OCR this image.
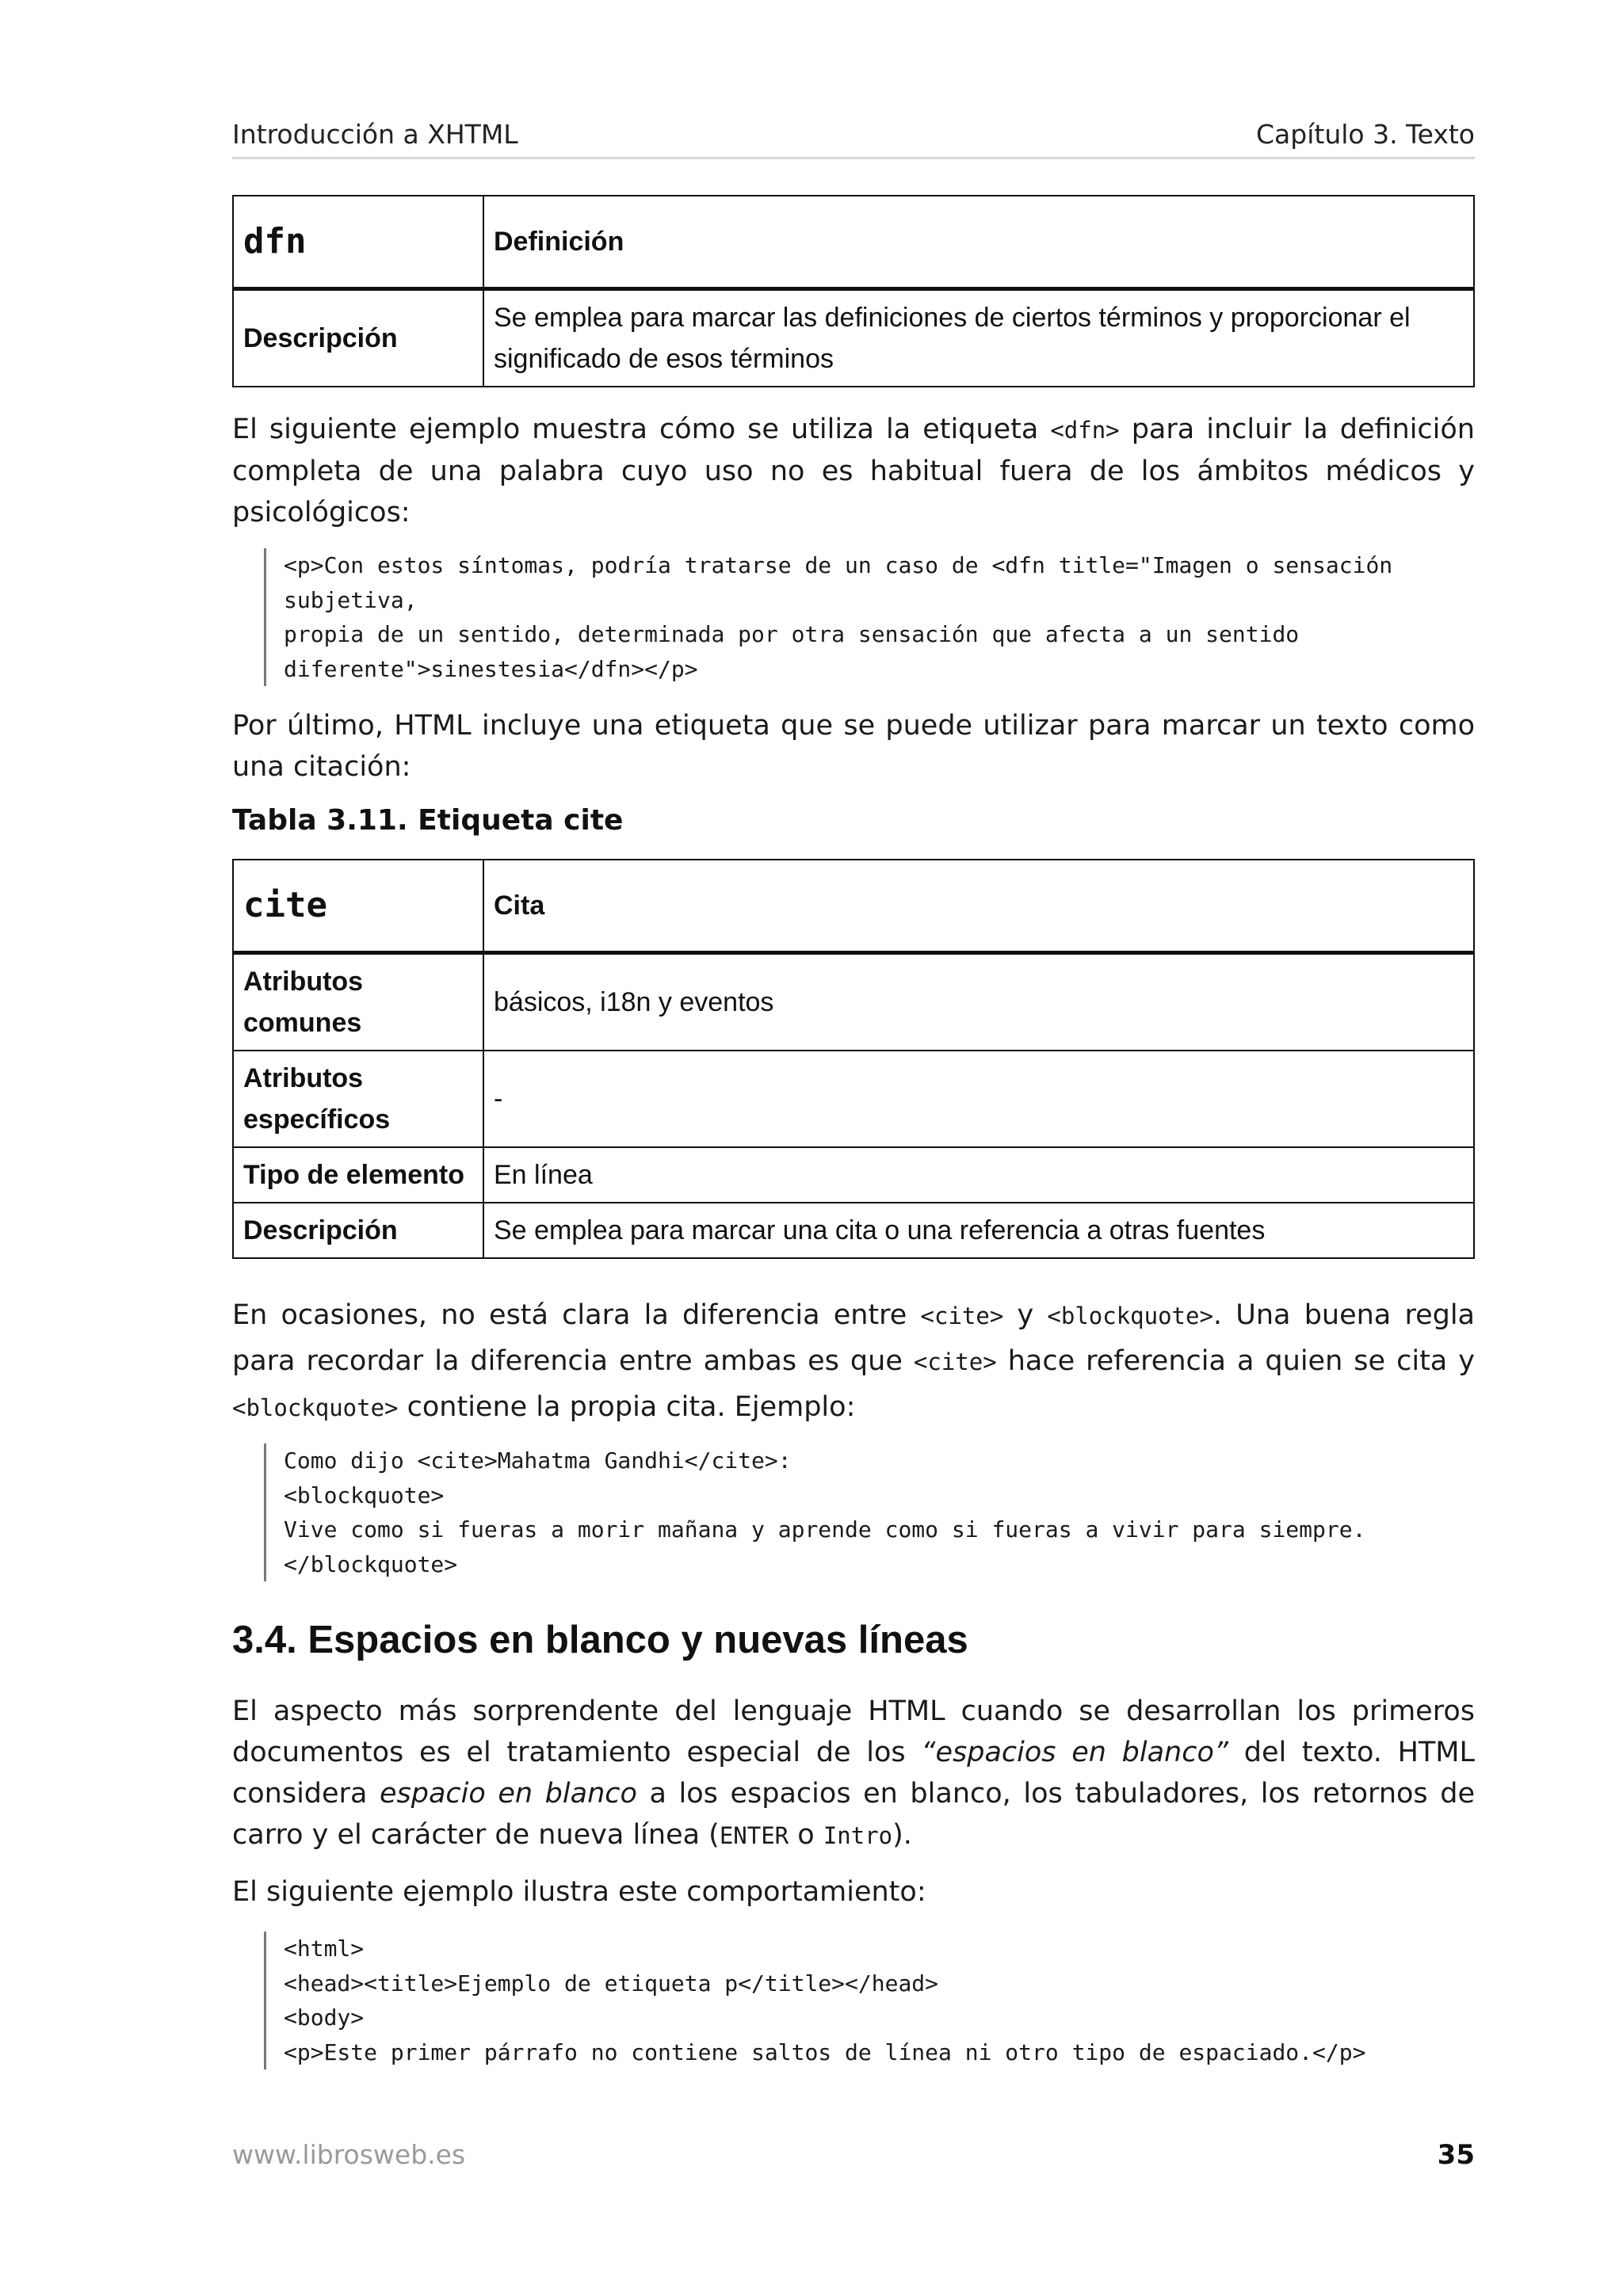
Introducción a XHTML	Capítulo 3. Texto
dfn	Definición
Descripción	Se emplea para marcar las definiciones de ciertos términos y proporcionar el significado de esos términos
El siguiente ejemplo muestra cómo se utiliza la etiqueta <dfn> para incluir la definición completa de una palabra cuyo uso no es habitual fuera de los ámbitos médicos y psicológicos:
<p>Con estos síntomas, podría tratarse de un caso de <dfn title="Imagen o sensación
subjetiva,
propia de un sentido, determinada por otra sensación que afecta a un sentido
diferente">sinestesia</dfn></p>
Por último, HTML incluye una etiqueta que se puede utilizar para marcar un texto como una citación:
Tabla 3.11. Etiqueta cite
cite	Cita
Atributos comunes	básicos, i18n y eventos
Atributos específicos	-
Tipo de elemento	En línea
Descripción	Se emplea para marcar una cita o una referencia a otras fuentes
En ocasiones, no está clara la diferencia entre <cite> y <blockquote>. Una buena regla para recordar la diferencia entre ambas es que <cite> hace referencia a quien se cita y <blockquote> contiene la propia cita. Ejemplo:
Como dijo <cite>Mahatma Gandhi</cite>:
<blockquote>
Vive como si fueras a morir mañana y aprende como si fueras a vivir para siempre.
</blockquote>
3.4. Espacios en blanco y nuevas líneas
El aspecto más sorprendente del lenguaje HTML cuando se desarrollan los primeros documentos es el tratamiento especial de los “espacios en blanco” del texto. HTML considera espacio en blanco a los espacios en blanco, los tabuladores, los retornos de carro y el carácter de nueva línea (ENTER o Intro).
El siguiente ejemplo ilustra este comportamiento:
<html>
<head><title>Ejemplo de etiqueta p</title></head>
<body>
<p>Este primer párrafo no contiene saltos de línea ni otro tipo de espaciado.</p>

www.librosweb.es	35
